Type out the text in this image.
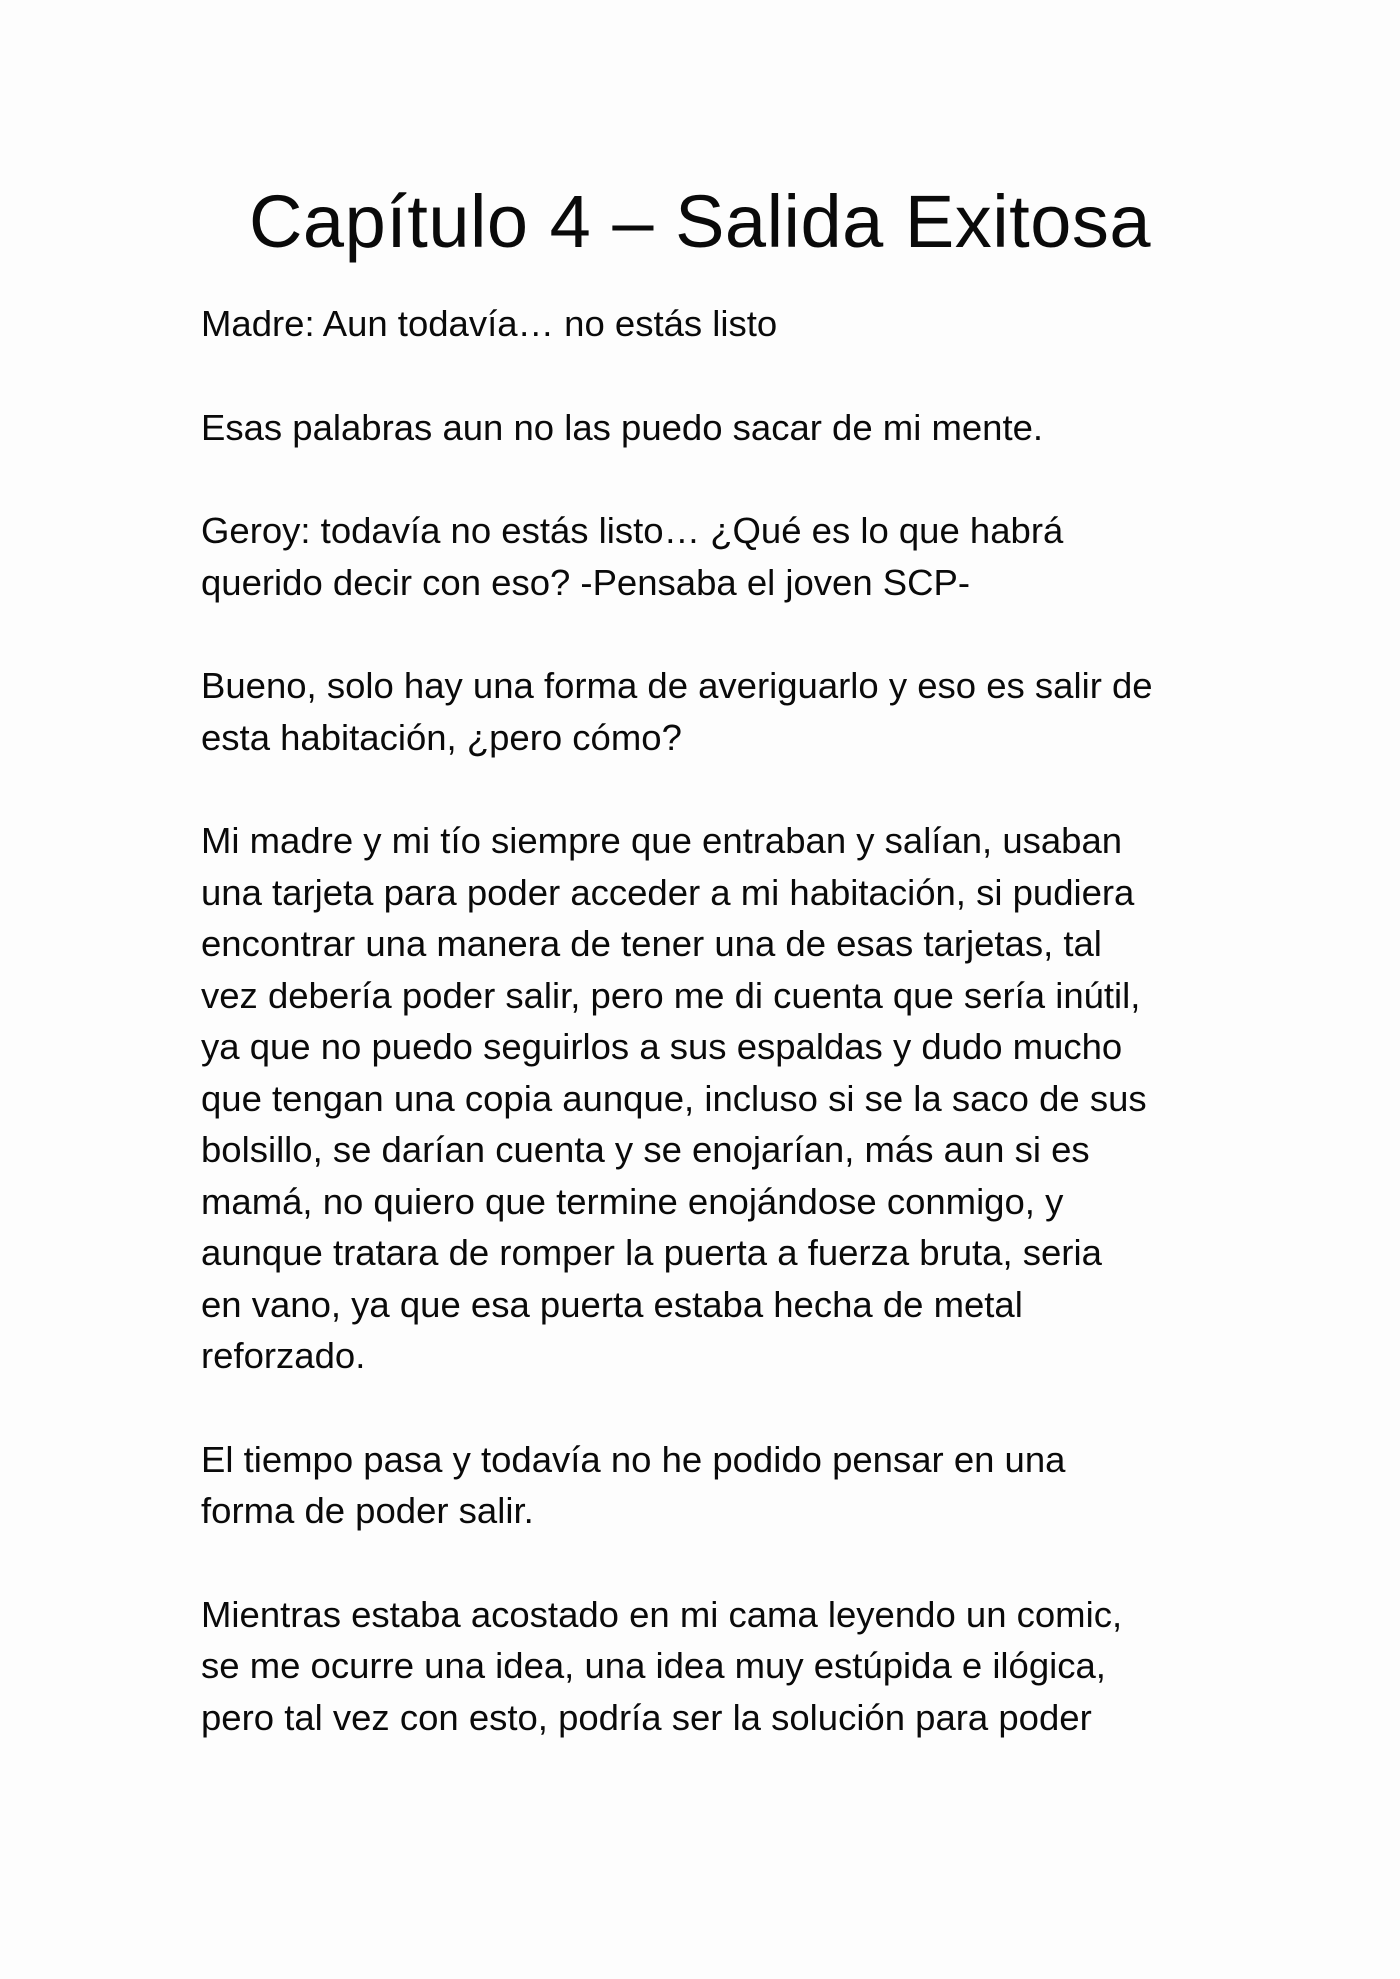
Capítulo 4 – Salida Exitosa

Madre: Aun todavía… no estás listo

Esas palabras aun no las puedo sacar de mi mente.

Geroy: todavía no estás listo… ¿Qué es lo que habrá
querido decir con eso? -Pensaba el joven SCP-

Bueno, solo hay una forma de averiguarlo y eso es salir de
esta habitación, ¿pero cómo?

Mi madre y mi tío siempre que entraban y salían, usaban
una tarjeta para poder acceder a mi habitación, si pudiera
encontrar una manera de tener una de esas tarjetas, tal
vez debería poder salir, pero me di cuenta que sería inútil,
ya que no puedo seguirlos a sus espaldas y dudo mucho
que tengan una copia aunque, incluso si se la saco de sus
bolsillo, se darían cuenta y se enojarían, más aun si es
mamá, no quiero que termine enojándose conmigo, y
aunque tratara de romper la puerta a fuerza bruta, seria
en vano, ya que esa puerta estaba hecha de metal
reforzado.

El tiempo pasa y todavía no he podido pensar en una
forma de poder salir.

Mientras estaba acostado en mi cama leyendo un comic,
se me ocurre una idea, una idea muy estúpida e ilógica,
pero tal vez con esto, podría ser la solución para poder
